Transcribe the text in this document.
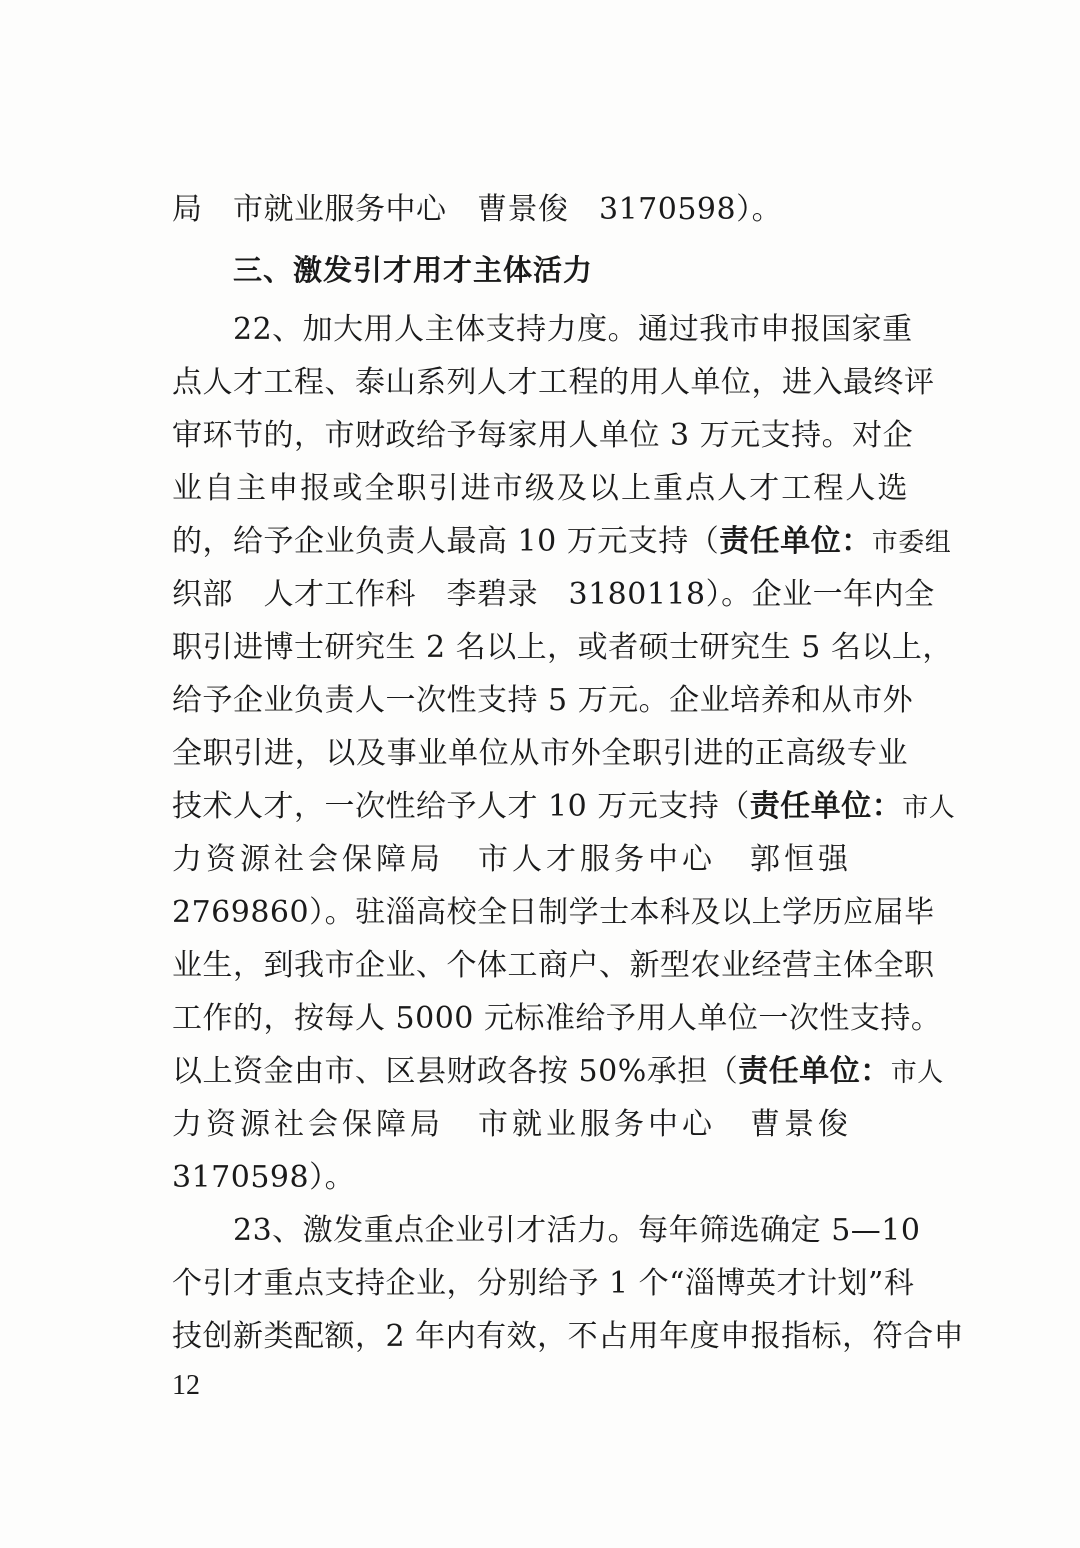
局　市就业服务中心　曹景俊　3170598）。
三、激发引才用才主体活力
22、加大用人主体支持力度。通过我市申报国家重
点人才工程、泰山系列人才工程的用人单位，进入最终评
审环节的，市财政给予每家用人单位 3 万元支持。对企
业自主申报或全职引进市级及以上重点人才工程人选
的，给予企业负责人最高 10 万元支持（责任单位：市委组
织部　人才工作科　李碧录　3180118）。企业一年内全
职引进博士研究生 2 名以上，或者硕士研究生 5 名以上，
给予企业负责人一次性支持 5 万元。企业培养和从市外
全职引进，以及事业单位从市外全职引进的正高级专业
技术人才，一次性给予人才 10 万元支持（责任单位：市人
力资源社会保障局　市人才服务中心　郭恒强
2769860）。驻淄高校全日制学士本科及以上学历应届毕
业生，到我市企业、个体工商户、新型农业经营主体全职
工作的，按每人 5000 元标准给予用人单位一次性支持。
以上资金由市、区县财政各按 50%承担（责任单位：市人
力资源社会保障局　市就业服务中心　曹景俊
3170598）。
23、激发重点企业引才活力。每年筛选确定 5—10
个引才重点支持企业，分别给予 1 个“淄博英才计划”科
技创新类配额，2 年内有效，不占用年度申报指标，符合申
12
